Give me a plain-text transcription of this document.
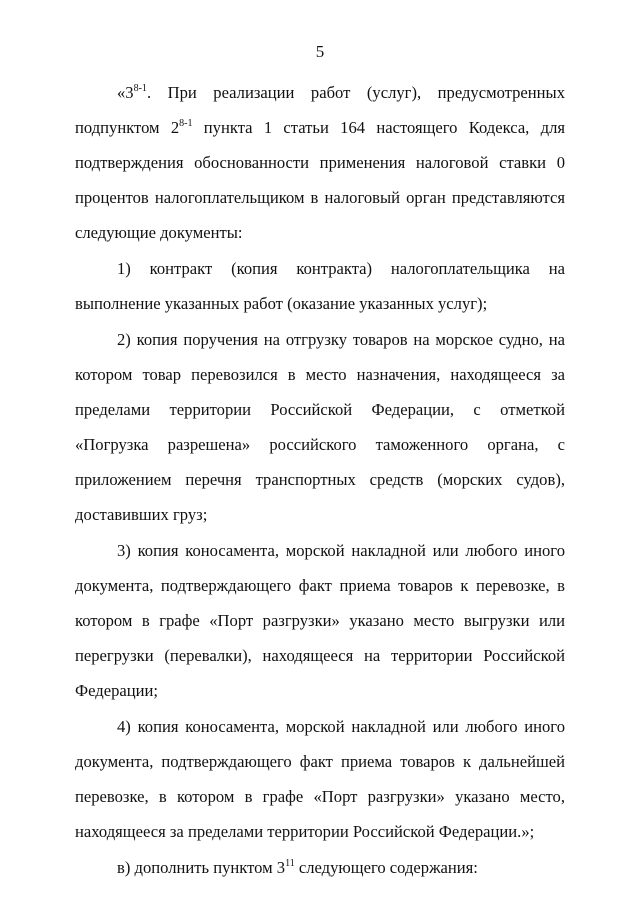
5

«3$^{8-1}$. При реализации работ (услуг), предусмотренных подпунктом 2$^{8-1}$ пункта 1 статьи 164 настоящего Кодекса, для подтверждения обоснованности применения налоговой ставки 0 процентов налогоплательщиком в налоговый орган представляются следующие документы:

1) контракт (копия контракта) налогоплательщика на выполнение указанных работ (оказание указанных услуг);

2) копия поручения на отгрузку товаров на морское судно, на котором товар перевозился в место назначения, находящееся за пределами территории Российской Федерации, с отметкой «Погрузка разрешена» российского таможенного органа, с приложением перечня транспортных средств (морских судов), доставивших груз;

3) копия коносамента, морской накладной или любого иного документа, подтверждающего факт приема товаров к перевозке, в котором в графе «Порт разгрузки» указано место выгрузки или перегрузки (перевалки), находящееся на территории Российской Федерации;

4) копия коносамента, морской накладной или любого иного документа, подтверждающего факт приема товаров к дальнейшей перевозке, в котором в графе «Порт разгрузки» указано место, находящееся за пределами территории Российской Федерации.»;

в) дополнить пунктом $3^{11}$ следующего содержания:
